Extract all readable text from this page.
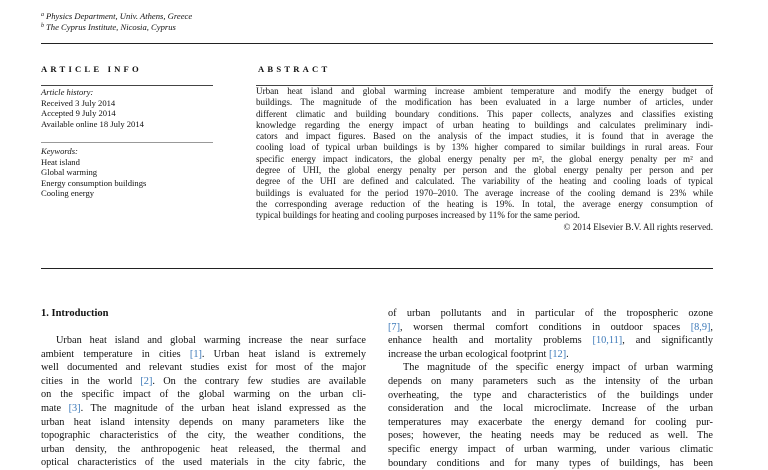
$^a$ Physics Department, Univ. Athens, Greece
$^b$ The Cyprus Institute, Nicosia, Cyprus
ARTICLE INFO	ABSTRACT
Article history:
Received 3 July 2014
Accepted 9 July 2014
Available online 18 July 2014
Keywords:
Heat island
Global warming
Energy consumption buildings
Cooling energy
Urban heat island and global warming increase ambient temperature and modify the energy budget of
buildings. The magnitude of the modification has been evaluated in a large number of articles, under
different climatic and building boundary conditions. This paper collects, analyzes and classifies existing
knowledge regarding the energy impact of urban heating to buildings and calculates preliminary indi-
cators and impact figures. Based on the analysis of the impact studies, it is found that in average the
cooling load of typical urban buildings is by 13% higher compared to similar buildings in rural areas. Four
specific energy impact indicators, the global energy penalty per m², the global energy penalty per m² and
degree of UHI, the global energy penalty per person and the global energy penalty per person and per
degree of the UHI are defined and calculated. The variability of the heating and cooling loads of typical
buildings is evaluated for the period 1970–2010. The average increase of the cooling demand is 23% while
the corresponding average reduction of the heating is 19%. In total, the average energy consumption of
typical buildings for heating and cooling purposes increased by 11% for the same period.
© 2014 Elsevier B.V. All rights reserved.
1. Introduction
Urban heat island and global warming increase the near surface
ambient temperature in cities [1]. Urban heat island is extremely
well documented and relevant studies exist for most of the major
cities in the world [2]. On the contrary few studies are available
on the specific impact of the global warming on the urban cli-
mate [3]. The magnitude of the urban heat island expressed as the
urban heat island intensity depends on many parameters like the
topographic characteristics of the city, the weather conditions, the
urban density, the anthropogenic heat released, the thermal and
optical characteristics of the used materials in the city fabric, the
of urban pollutants and in particular of the tropospheric ozone
[7], worsen thermal comfort conditions in outdoor spaces [8,9],
enhance health and mortality problems [10,11], and significantly
increase the urban ecological footprint [12].
The magnitude of the specific energy impact of urban warming
depends on many parameters such as the intensity of the urban
overheating, the type and characteristics of the buildings under
consideration and the local microclimate. Increase of the urban
temperatures may exacerbate the energy demand for cooling pur-
poses; however, the heating needs may be reduced as well. The
specific energy impact of urban warming, under various climatic
boundary conditions and for many types of buildings, has been
